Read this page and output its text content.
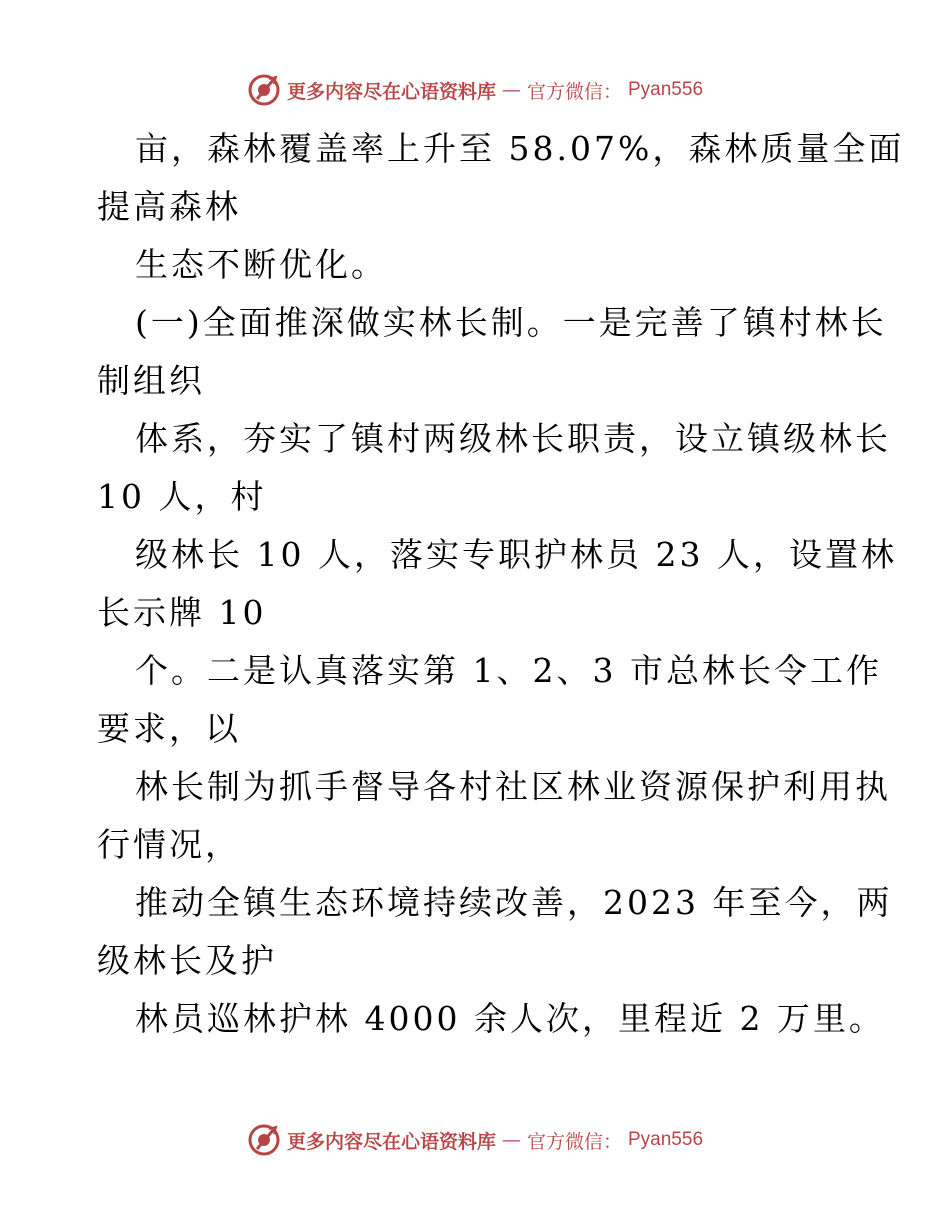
更多内容尽在心语资料库 — 官方微信： Pyan556
亩，森林覆盖率上升至 58.07%，森林质量全面
提高森林
生态不断优化。
(一)全面推深做实林长制。一是完善了镇村林长
制组织
体系，夯实了镇村两级林长职责，设立镇级林长
10 人，村
级林长 10 人，落实专职护林员 23 人，设置林
长示牌 10
个。二是认真落实第 1、2、3 市总林长令工作
要求，以
林长制为抓手督导各村社区林业资源保护利用执
行情况，
推动全镇生态环境持续改善，2023 年至今，两
级林长及护
林员巡林护林 4000 余人次，里程近 2 万里。
更多内容尽在心语资料库 — 官方微信： Pyan556
